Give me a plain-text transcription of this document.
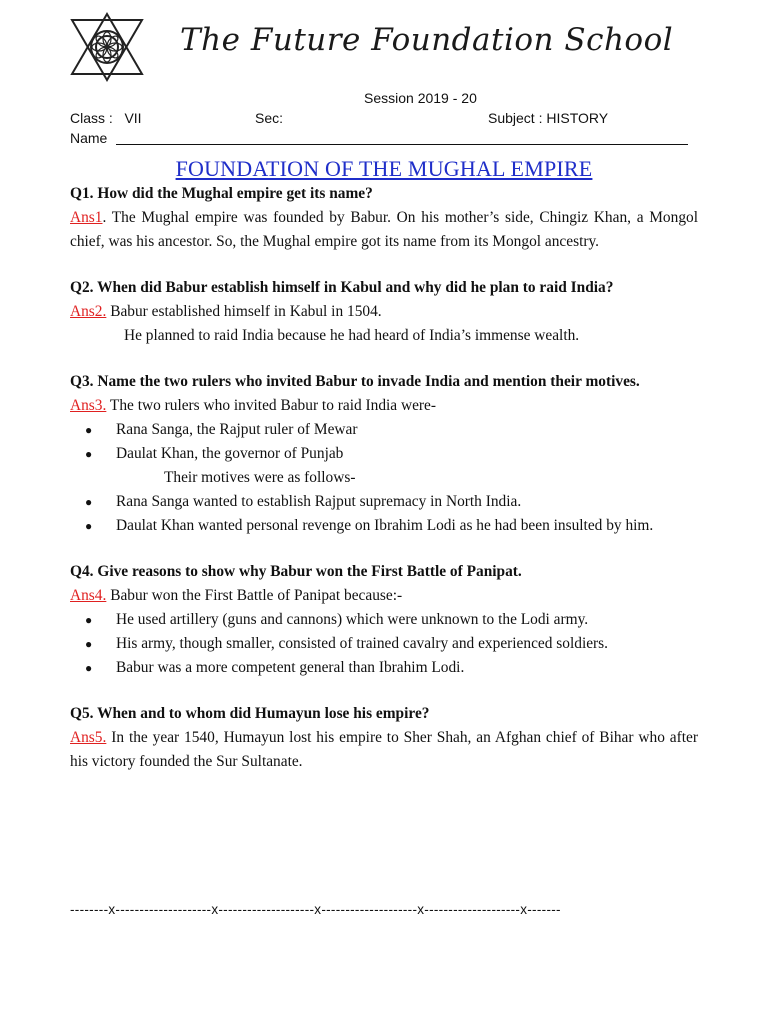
The Future Foundation School
Session 2019 - 20
Class :   VII	Sec:	Subject : HISTORY
Name
FOUNDATION OF THE MUGHAL EMPIRE
Q1. How did the Mughal empire get its name?
Ans1. The Mughal empire was founded by Babur. On his mother’s side, Chingiz Khan, a Mongol chief, was his ancestor. So, the Mughal empire got its name from its Mongol ancestry.
Q2. When did Babur establish himself in Kabul and why did he plan to raid India?
Ans2. Babur established himself in Kabul in 1504.
He planned to raid India because he had heard of India’s immense wealth.
Q3. Name the two rulers who invited Babur to invade India and mention their motives.
Ans3. The two rulers who invited Babur to raid India were-
● Rana Sanga, the Rajput ruler of Mewar
● Daulat Khan, the governor of Punjab
Their motives were as follows-
● Rana Sanga wanted to establish Rajput supremacy in North India.
● Daulat Khan wanted personal revenge on Ibrahim Lodi as he had been insulted by him.
Q4. Give reasons to show why Babur won the First Battle of Panipat.
Ans4. Babur won the First Battle of Panipat because:-
● He used artillery (guns and cannons) which were unknown to the Lodi army.
● His army, though smaller, consisted of trained cavalry and experienced soldiers.
● Babur was a more competent general than Ibrahim Lodi.
Q5. When and to whom did Humayun lose his empire?
Ans5. In the year 1540, Humayun lost his empire to Sher Shah, an Afghan chief of Bihar who after his victory founded the Sur Sultanate.
--------x--------------------x--------------------x--------------------x--------------------x-------
